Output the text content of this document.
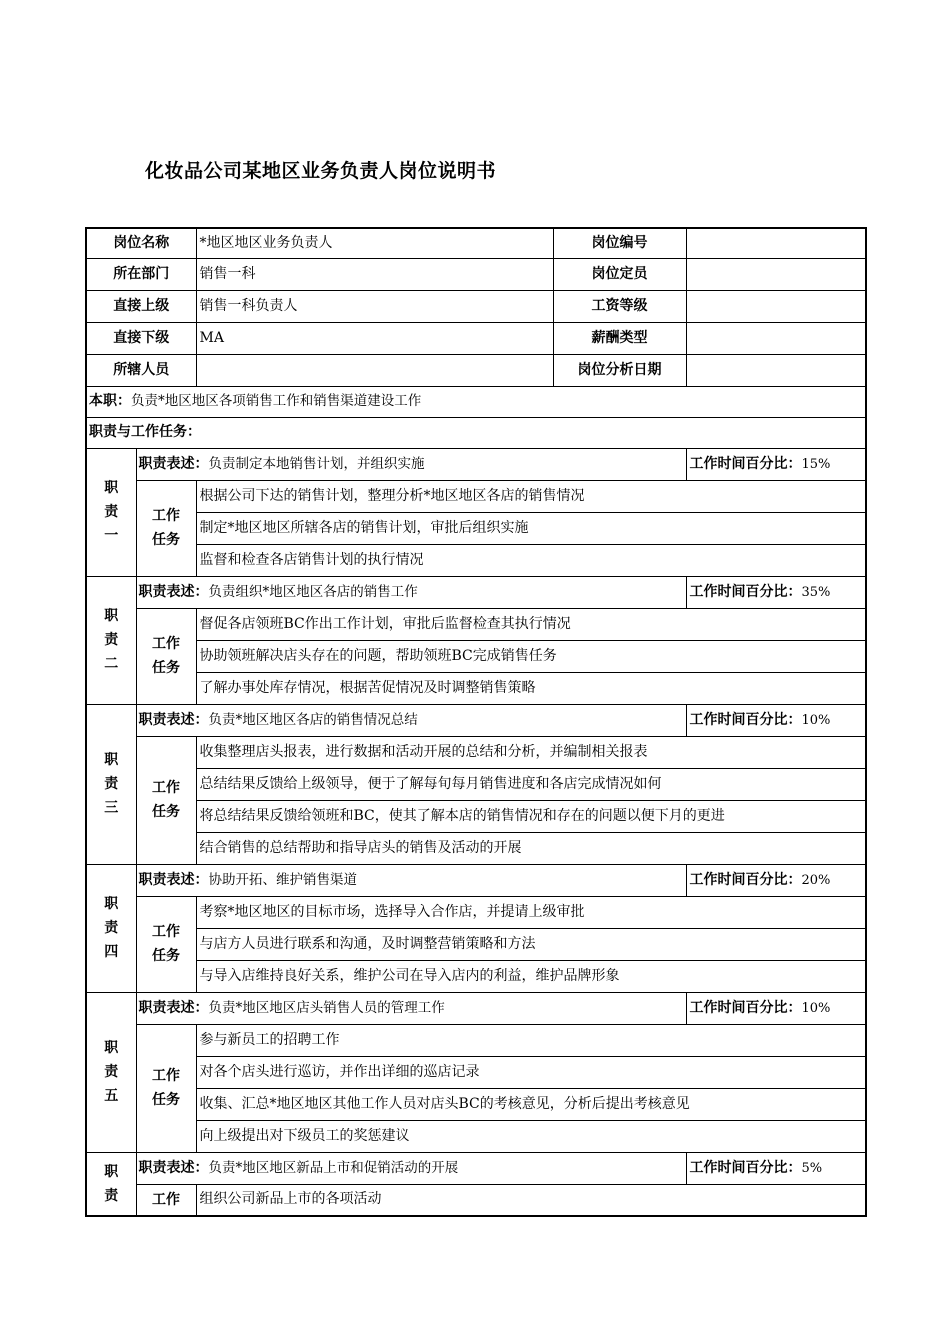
化妆品公司某地区业务负责人岗位说明书
岗位名称		*地区地区业务负责人	岗位编号	
所在部门		销售一科	岗位定员	
直接上级		销售一科负责人	工资等级	
直接下级		MA	薪酬类型	
所辖人员			岗位分析日期	
本职：负责*地区地区各项销售工作和销售渠道建设工作				
职责与工作任务：				
职
责
一	职责表述：负责制定本地销售计划，并组织实施			工作时间百分比：15%
	工作
任务	根据公司下达的销售计划，整理分析*地区地区各店的销售情况		
		制定*地区地区所辖各店的销售计划，审批后组织实施		
		监督和检查各店销售计划的执行情况		
职
责
二	职责表述：负责组织*地区地区各店的销售工作			工作时间百分比：35%
	工作
任务	督促各店领班BC作出工作计划，审批后监督检查其执行情况		
		协助领班解决店头存在的问题，帮助领班BC完成销售任务		
		了解办事处库存情况，根据苦促情况及时调整销售策略		
职
责
三	职责表述：负责*地区地区各店的销售情况总结			工作时间百分比：10%
	工作
任务	收集整理店头报表，进行数据和活动开展的总结和分析，并编制相关报表		
		总结结果反馈给上级领导，便于了解每旬每月销售进度和各店完成情况如何		
		将总结结果反馈给领班和BC，使其了解本店的销售情况和存在的问题以便下月的更进		
		结合销售的总结帮助和指导店头的销售及活动的开展		
职
责
四	职责表述：协助开拓、维护销售渠道			工作时间百分比：20%
	工作
任务	考察*地区地区的目标市场，选择导入合作店，并提请上级审批		
		与店方人员进行联系和沟通，及时调整营销策略和方法		
		与导入店维持良好关系，维护公司在导入店内的利益，维护品牌形象		
职
责
五	职责表述：负责*地区地区店头销售人员的管理工作			工作时间百分比：10%
	工作
任务	参与新员工的招聘工作		
		对各个店头进行巡访，并作出详细的巡店记录		
		收集、汇总*地区地区其他工作人员对店头BC的考核意见，分析后提出考核意见		
		向上级提出对下级员工的奖惩建议		
职
责	职责表述：负责*地区地区新品上市和促销活动的开展			工作时间百分比：5%
	工作	组织公司新品上市的各项活动		
